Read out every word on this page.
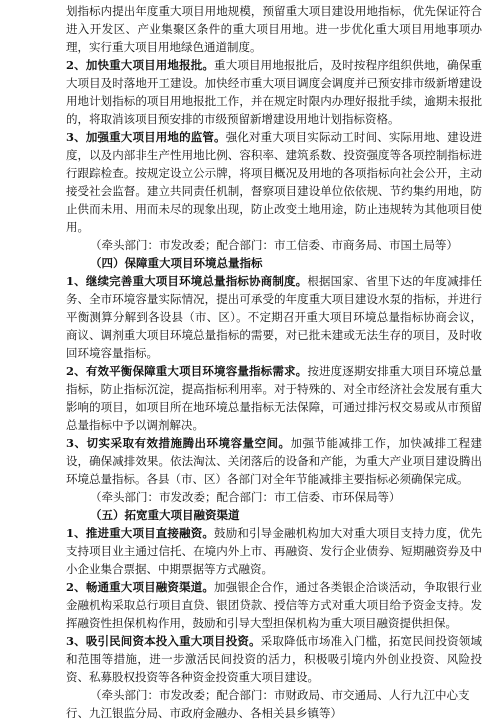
划指标内提出年度重大项目用地规模，预留重大项目建设用地指标，优先保证符合进入开发区、产业集聚区条件的重大项目用地。进一步优化重大项目用地事项办理，实行重大项目用地绿色通道制度。

2、加快重大项目用地报批。重大项目用地报批后，及时按程序组织供地，确保重大项目及时落地开工建设。加快经市重大项目调度会调度并已预安排市级新增建设用地计划指标的项目用地报批工作，并在规定时限内办理好报批手续，逾期未报批的，将取消该项目预安排的市级预留新增建设用地计划指标资格。

3、加强重大项目用地的监管。强化对重大项目实际动工时间、实际用地、建设进度，以及内部非生产性用地比例、容积率、建筑系数、投资强度等各项控制指标进行跟踪检查。按规定设立公示牌，将项目概况及用地的各项指标向社会公开，主动接受社会监督。建立共同责任机制，督察项目建设单位依依规、节约集约用地，防止供而未用、用而未尽的现象出现，防止改变土地用途，防止违规转为其他项目使用。

（牵头部门：市发改委；配合部门：市工信委、市商务局、市国土局等）

（四）保障重大项目环境总量指标

1、继续完善重大项目环境总量指标协商制度。根据国家、省里下达的年度减排任务、全市环境容量实际情况，提出可承受的年度重大项目建设水泵的指标，并进行平衡测算分解到各设县（市、区）。不定期召开重大项目环境总量指标协商会议，商议、调剂重大项目环境总量指标的需要，对已批未建或无法生存的项目，及时收回环境容量指标。

2、有效平衡保障重大项目环境容量指标需求。按进度逐期安排重大项目环境总量指标，防止指标沉淀，提高指标利用率。对于特殊的、对全市经济社会发展有重大影响的项目，如项目所在地环境总量指标无法保障，可通过排污权交易或从市预留总量指标中予以调剂解决。

3、切实采取有效措施腾出环境容量空间。加强节能减排工作，加快减排工程建设，确保减排效果。依法淘汰、关闭落后的设备和产能，为重大产业项目建设腾出环境总量指标。各县（市、区）各部门对全年节能减排主要指标必须确保完成。

（牵头部门：市发改委；配合部门：市工信委、市环保局等）

（五）拓宽重大项目融资渠道

1、推进重大项目直接融资。鼓励和引导金融机构加大对重大项目支持力度，优先支持项目业主通过信托、在境内外上市、再融资、发行企业债券、短期融资券及中小企业集合票据、中期票据等方式融资。

2、畅通重大项目融资渠道。加强银企合作，通过各类银企洽谈活动，争取银行业金融机构采取总行项目直贷、银团贷款、授信等方式对重大项目给予资金支持。发挥融资性担保机构作用，鼓励和引导大型担保机构为重大项目融资提供担保。

3、吸引民间资本投入重大项目投资。采取降低市场准入门槛，拓宽民间投资领域和范围等措施，进一步激活民间投资的活力，积极吸引境内外创业投资、风险投资、私募股权投资等各种资金投资重大项目建设。

（牵头部门：市发改委；配合部门：市财政局、市交通局、人行九江中心支行、九江银监分局、市政府金融办、各相关县乡镇等）
